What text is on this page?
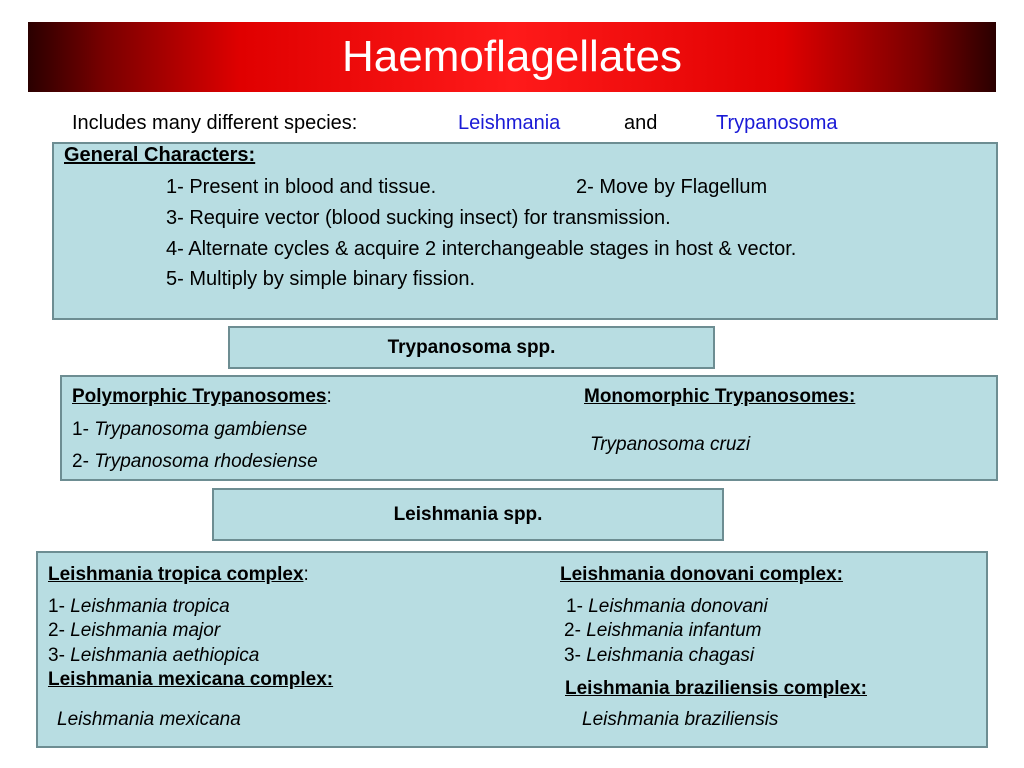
Haemoflagellates
Includes many different species:	Leishmania	and	Trypanosoma
General Characters:
1- Present in blood and tissue.	2- Move by Flagellum
3- Require vector (blood sucking insect) for transmission.
4- Alternate cycles & acquire 2 interchangeable stages in host & vector.
5- Multiply by simple binary fission.
Trypanosoma spp.
Polymorphic Trypanosomes:
1- Trypanosoma gambiense
2- Trypanosoma rhodesiense
Monomorphic Trypanosomes:
Trypanosoma cruzi
Leishmania spp.
Leishmania tropica complex:
1- Leishmania tropica
2- Leishmania major
3- Leishmania aethiopica
Leishmania mexicana complex:
Leishmania mexicana
Leishmania donovani complex:
1- Leishmania donovani
2- Leishmania infantum
3- Leishmania chagasi
Leishmania braziliensis complex:
Leishmania braziliensis
